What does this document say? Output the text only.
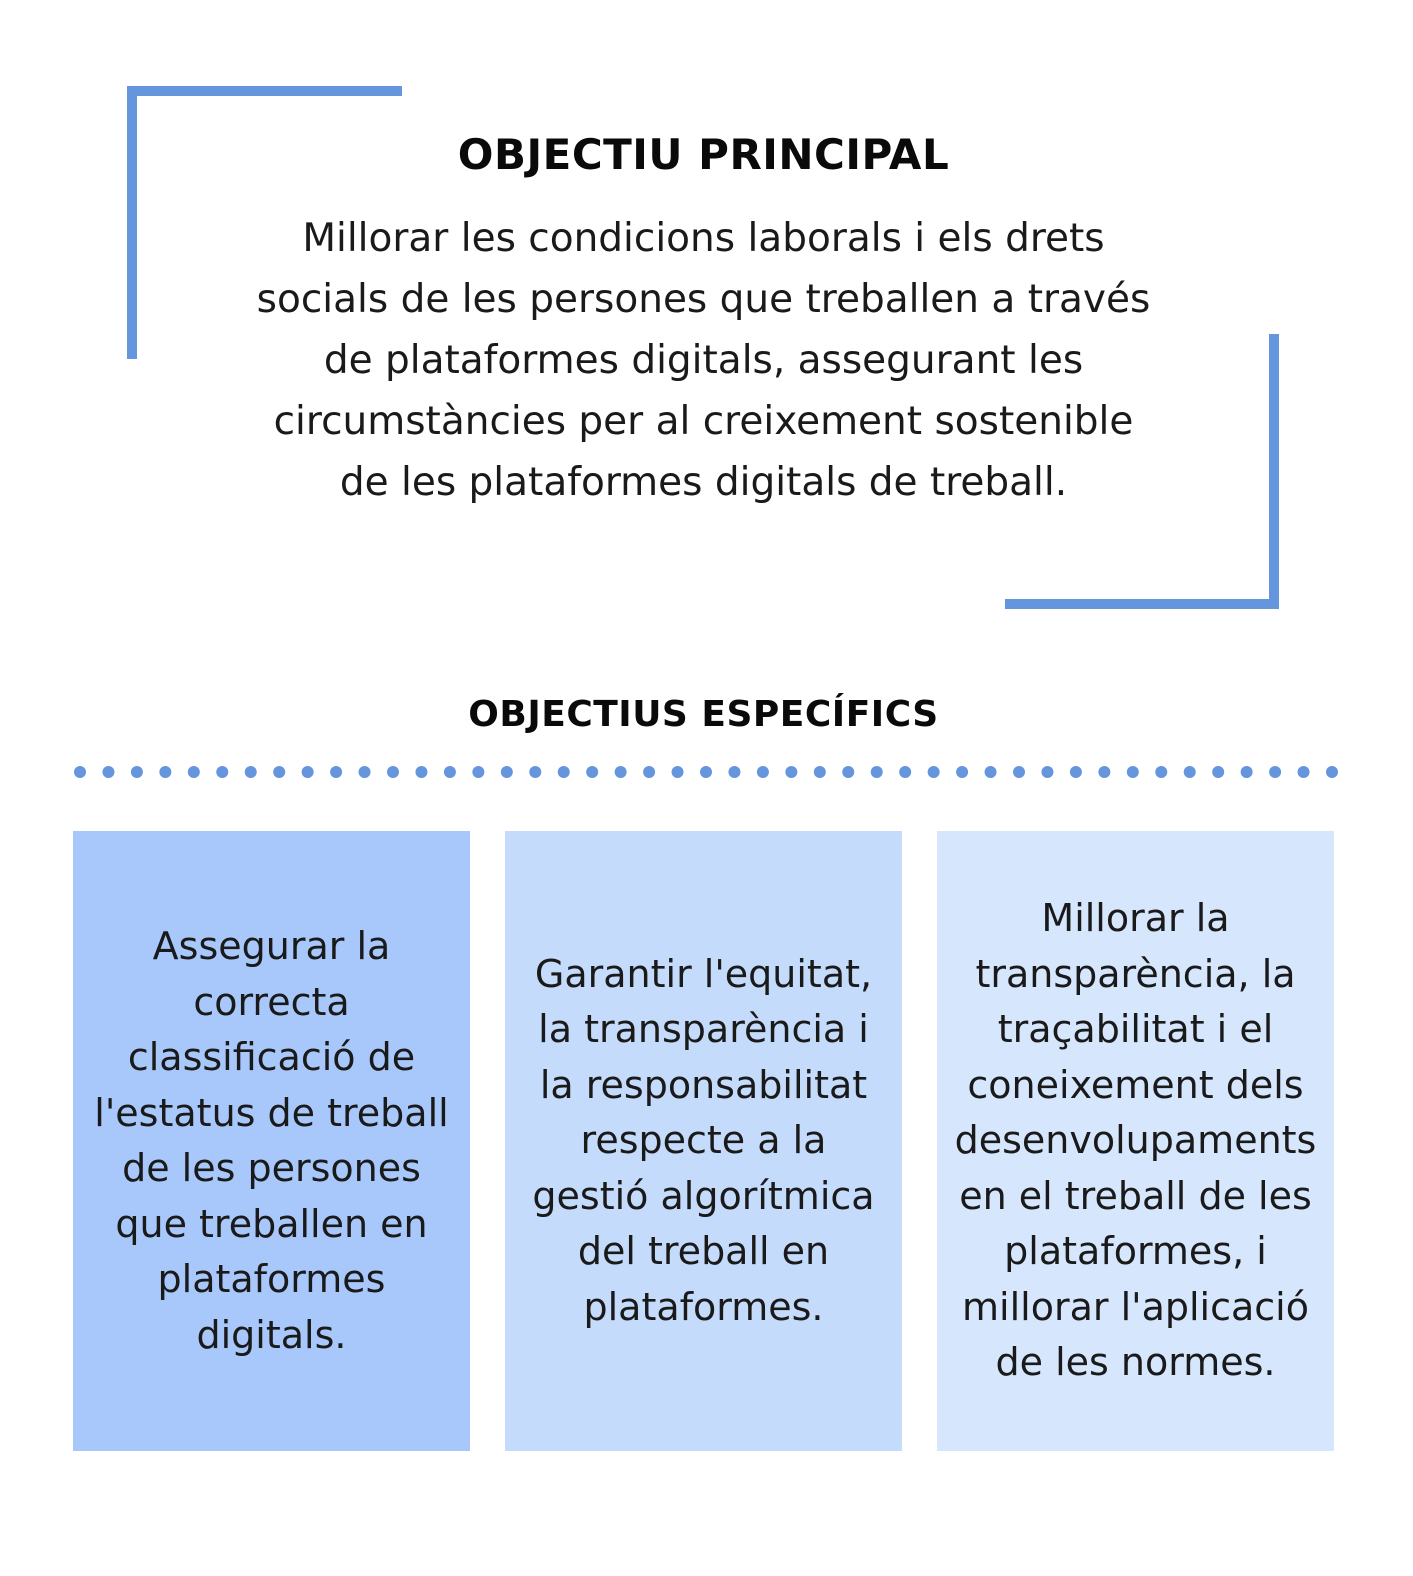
OBJECTIU PRINCIPAL
Millorar les condicions laborals i els drets
socials de les persones que treballen a través
de plataformes digitals, assegurant les
circumstàncies per al creixement sostenible
de les plataformes digitals de treball.
OBJECTIUS ESPECÍFICS
Assegurar la
correcta
classificació de
l'estatus de treball
de les persones
que treballen en
plataformes
digitals.
Garantir l'equitat,
la transparència i
la responsabilitat
respecte a la
gestió algorítmica
del treball en
plataformes.
Millorar la
transparència, la
traçabilitat i el
coneixement dels
desenvolupaments
en el treball de les
plataformes, i
millorar l'aplicació
de les normes.
